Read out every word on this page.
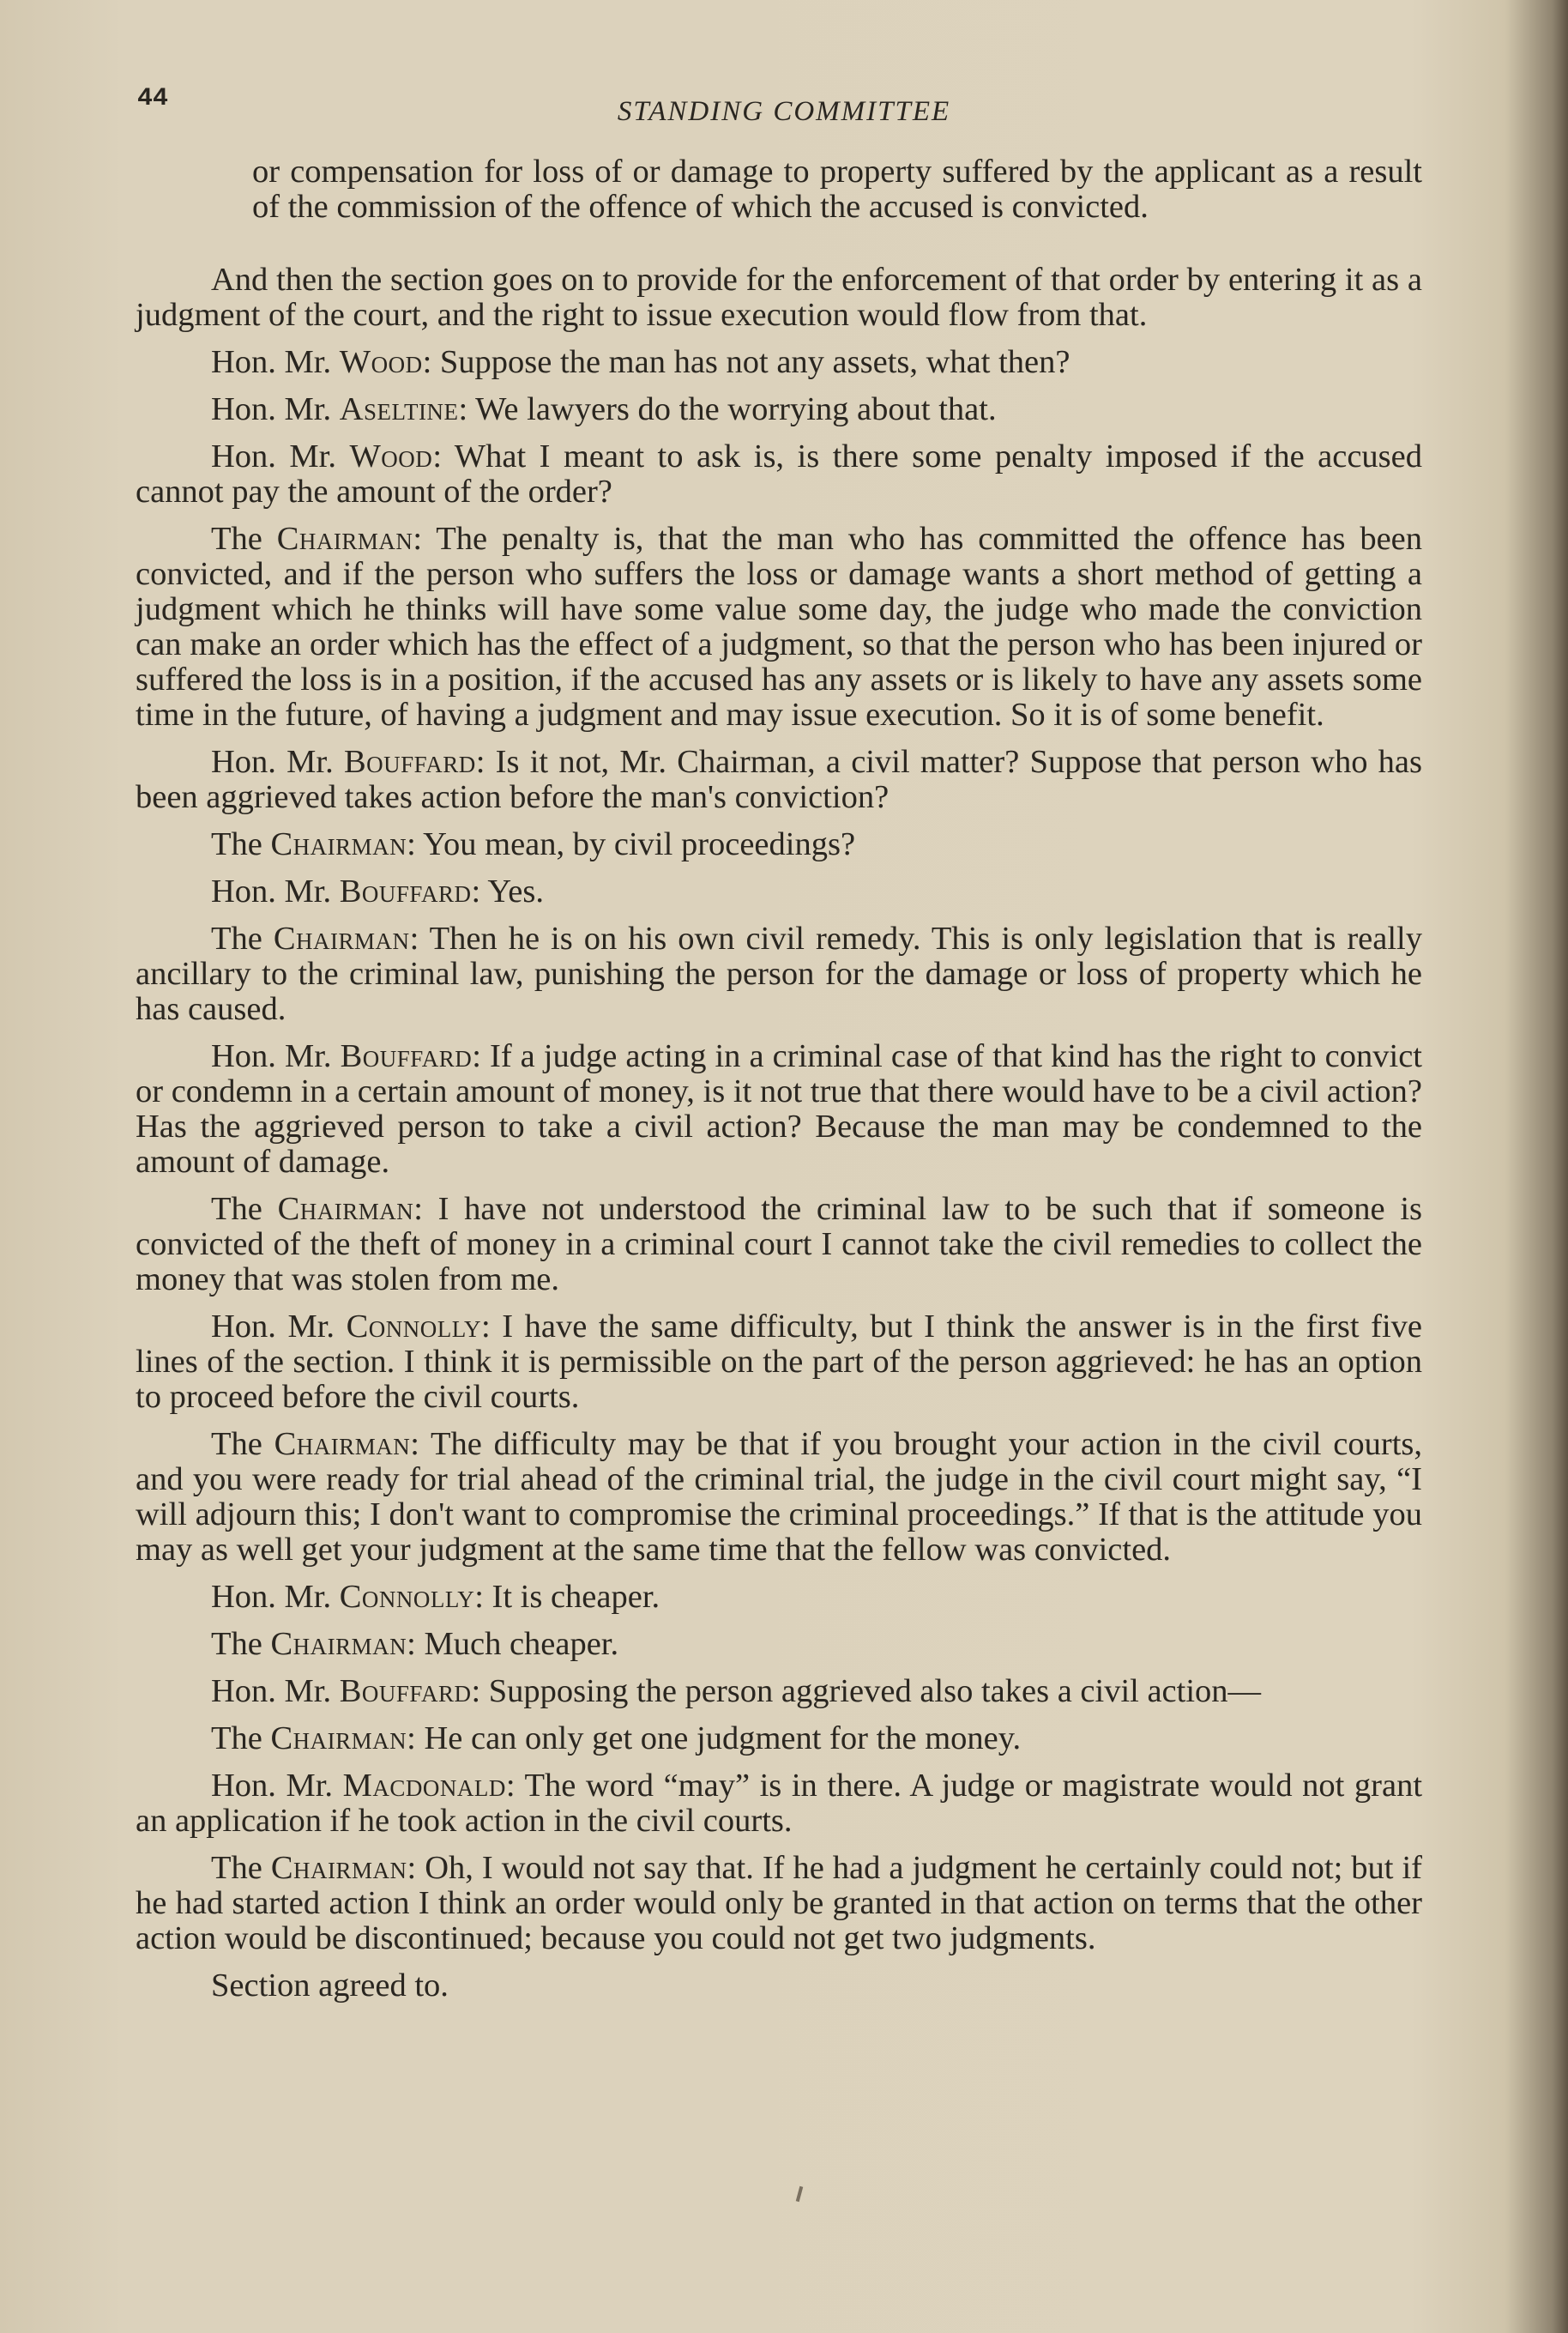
44	STANDING COMMITTEE
or compensation for loss of or damage to property suffered by the applicant as a result of the commission of the offence of which the accused is convicted.

And then the section goes on to provide for the enforcement of that order by entering it as a judgment of the court, and the right to issue execution would flow from that.

Hon. Mr. Wood: Suppose the man has not any assets, what then?

Hon. Mr. Aseltine: We lawyers do the worrying about that.

Hon. Mr. Wood: What I meant to ask is, is there some penalty imposed if the accused cannot pay the amount of the order?

The Chairman: The penalty is, that the man who has committed the offence has been convicted, and if the person who suffers the loss or damage wants a short method of getting a judgment which he thinks will have some value some day, the judge who made the conviction can make an order which has the effect of a judgment, so that the person who has been injured or suffered the loss is in a position, if the accused has any assets or is likely to have any assets some time in the future, of having a judgment and may issue execution. So it is of some benefit.

Hon. Mr. Bouffard: Is it not, Mr. Chairman, a civil matter? Suppose that person who has been aggrieved takes action before the man's conviction?

The Chairman: You mean, by civil proceedings?

Hon. Mr. Bouffard: Yes.

The Chairman: Then he is on his own civil remedy. This is only legislation that is really ancillary to the criminal law, punishing the person for the damage or loss of property which he has caused.

Hon. Mr. Bouffard: If a judge acting in a criminal case of that kind has the right to convict or condemn in a certain amount of money, is it not true that there would have to be a civil action? Has the aggrieved person to take a civil action? Because the man may be condemned to the amount of damage.

The Chairman: I have not understood the criminal law to be such that if someone is convicted of the theft of money in a criminal court I cannot take the civil remedies to collect the money that was stolen from me.

Hon. Mr. Connolly: I have the same difficulty, but I think the answer is in the first five lines of the section. I think it is permissible on the part of the person aggrieved: he has an option to proceed before the civil courts.

The Chairman: The difficulty may be that if you brought your action in the civil courts, and you were ready for trial ahead of the criminal trial, the judge in the civil court might say, “I will adjourn this; I don't want to compromise the criminal proceedings.” If that is the attitude you may as well get your judgment at the same time that the fellow was convicted.

Hon. Mr. Connolly: It is cheaper.

The Chairman: Much cheaper.

Hon. Mr. Bouffard: Supposing the person aggrieved also takes a civil action—

The Chairman: He can only get one judgment for the money.

Hon. Mr. Macdonald: The word “may” is in there. A judge or magistrate would not grant an application if he took action in the civil courts.

The Chairman: Oh, I would not say that. If he had a judgment he certainly could not; but if he had started action I think an order would only be granted in that action on terms that the other action would be discontinued; because you could not get two judgments.

Section agreed to.
